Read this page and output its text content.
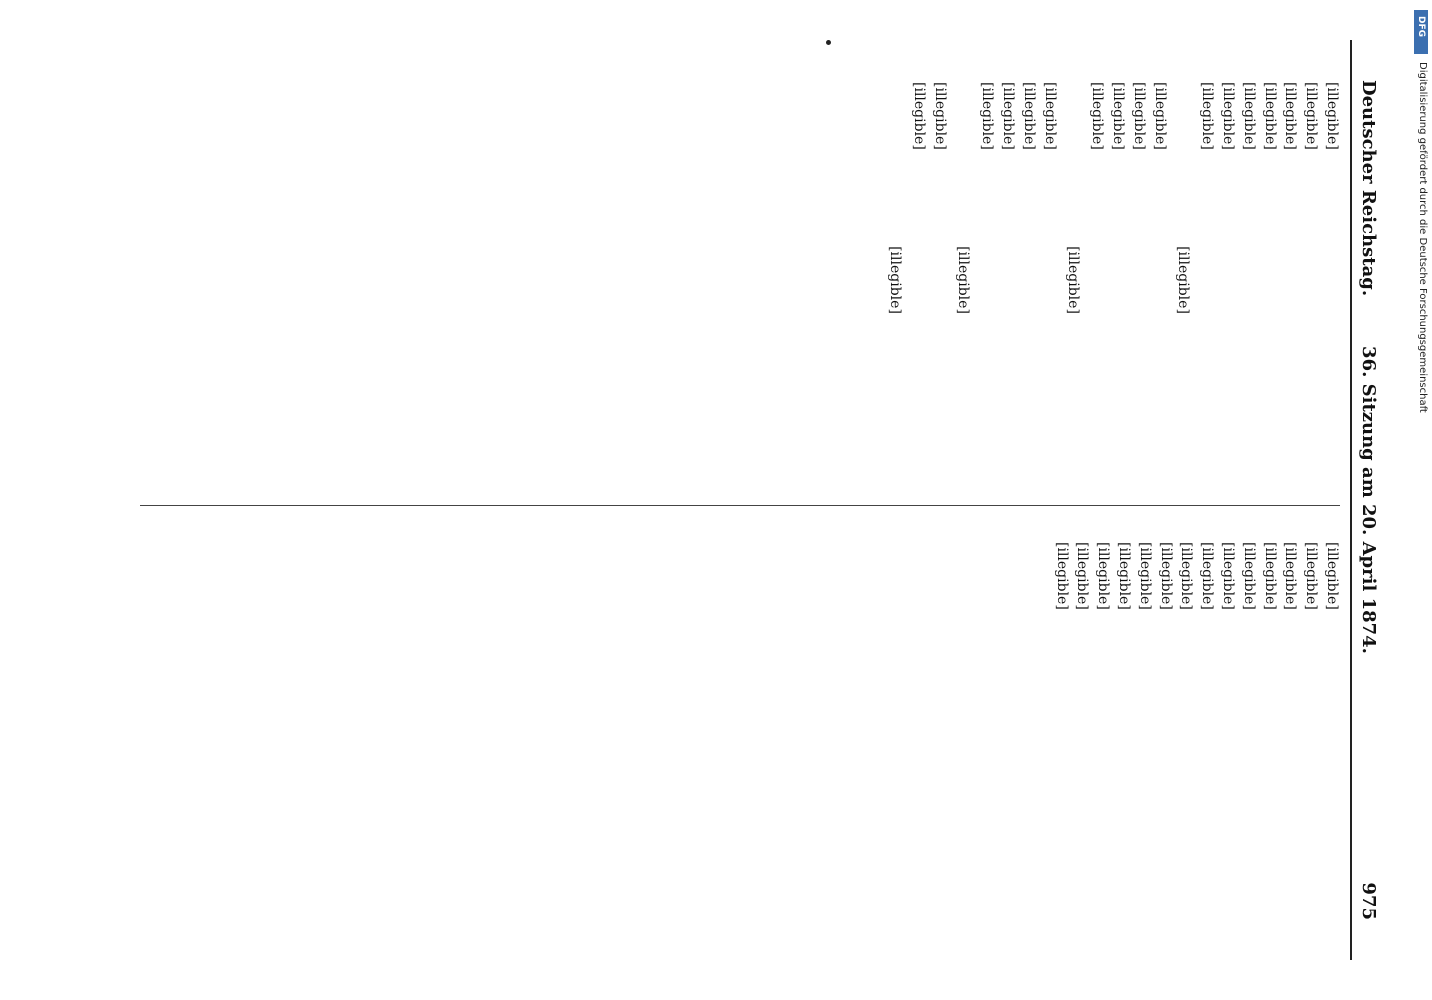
Deutscher Reichstag.
36. Sitzung am 20. April 1874.
975

[illegible]

[illegible]

[illegible]

[illegible]

[illegible]

[illegible]

[illegible]

[illegible]

[illegible]

[illegible]

[illegible]

[illegible]

[illegible]

[illegible]

[illegible]

[illegible]

[illegible]

[illegible]

[illegible]

[illegible]

[illegible]

[illegible]

[illegible]

[illegible]

[illegible]

[illegible]

[illegible]

[illegible]

[illegible]

[illegible]

[illegible]

[illegible]

[illegible]

[illegible]

[illegible]

DFG
Digitalisierung gefördert durch die Deutsche Forschungsgemeinschaft
